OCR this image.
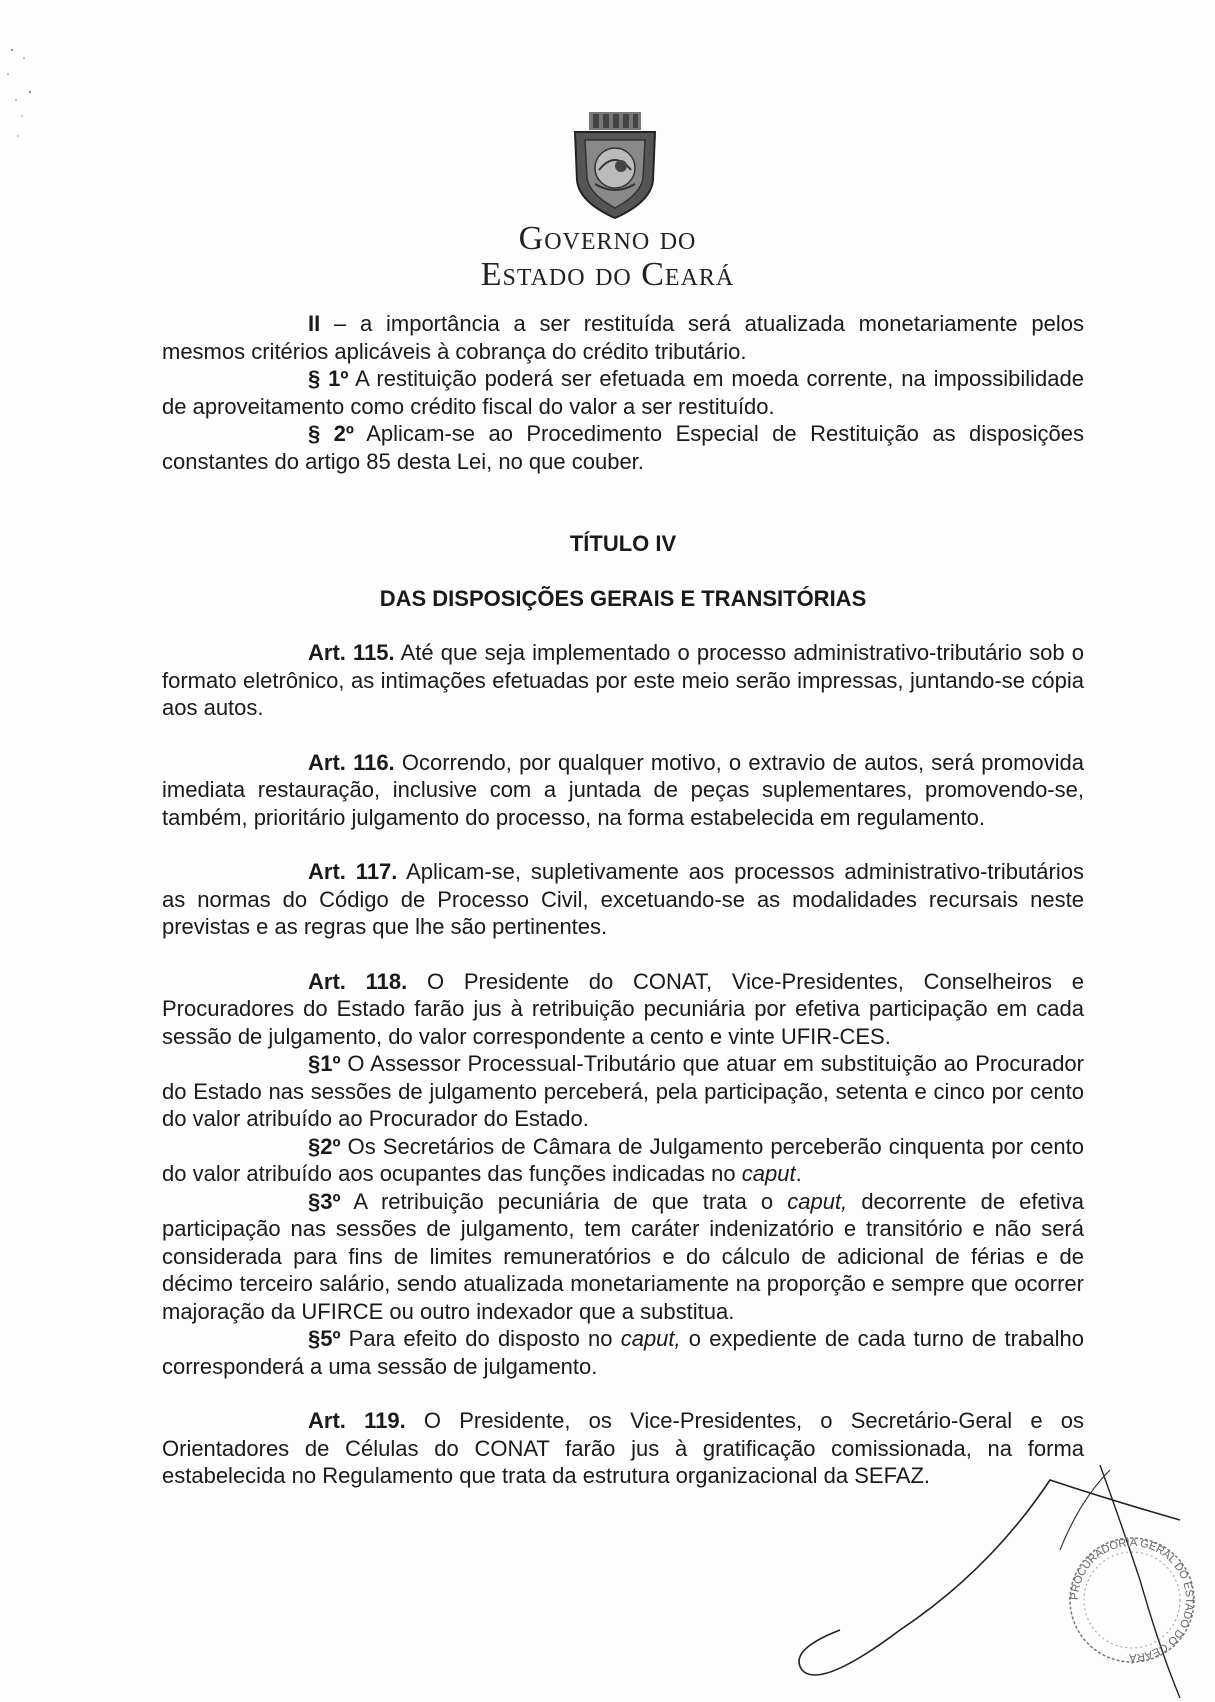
Governo do
Estado do Ceará

II – a importância a ser restituída será atualizada monetariamente pelos mesmos critérios aplicáveis à cobrança do crédito tributário.

§ 1º A restituição poderá ser efetuada em moeda corrente, na impossibilidade de aproveitamento como crédito fiscal do valor a ser restituído.

§ 2º Aplicam-se ao Procedimento Especial de Restituição as disposições constantes do artigo 85 desta Lei, no que couber.

TÍTULO IV

DAS DISPOSIÇÕES GERAIS E TRANSITÓRIAS

Art. 115. Até que seja implementado o processo administrativo-tributário sob o formato eletrônico, as intimações efetuadas por este meio serão impressas, juntando-se cópia aos autos.

Art. 116. Ocorrendo, por qualquer motivo, o extravio de autos, será promovida imediata restauração, inclusive com a juntada de peças suplementares, promovendo-se, também, prioritário julgamento do processo, na forma estabelecida em regulamento.

Art. 117. Aplicam-se, supletivamente aos processos administrativo-tributários as normas do Código de Processo Civil, excetuando-se as modalidades recursais neste previstas e as regras que lhe são pertinentes.

Art. 118. O Presidente do CONAT, Vice-Presidentes, Conselheiros e Procuradores do Estado farão jus à retribuição pecuniária por efetiva participação em cada sessão de julgamento, do valor correspondente a cento e vinte UFIR-CES.

§1º O Assessor Processual-Tributário que atuar em substituição ao Procurador do Estado nas sessões de julgamento perceberá, pela participação, setenta e cinco por cento do valor atribuído ao Procurador do Estado.

§2º Os Secretários de Câmara de Julgamento perceberão cinquenta por cento do valor atribuído aos ocupantes das funções indicadas no caput.

§3º A retribuição pecuniária de que trata o caput, decorrente de efetiva participação nas sessões de julgamento, tem caráter indenizatório e transitório e não será considerada para fins de limites remuneratórios e do cálculo de adicional de férias e de décimo terceiro salário, sendo atualizada monetariamente na proporção e sempre que ocorrer majoração da UFIRCE ou outro indexador que a substitua.

§5º Para efeito do disposto no caput, o expediente de cada turno de trabalho corresponderá a uma sessão de julgamento.

Art. 119. O Presidente, os Vice-Presidentes, o Secretário-Geral e os Orientadores de Células do CONAT farão jus à gratificação comissionada, na forma estabelecida no Regulamento que trata da estrutura organizacional da SEFAZ.

PROCURADORIA GERAL DO ESTADO DO CEARÁ
